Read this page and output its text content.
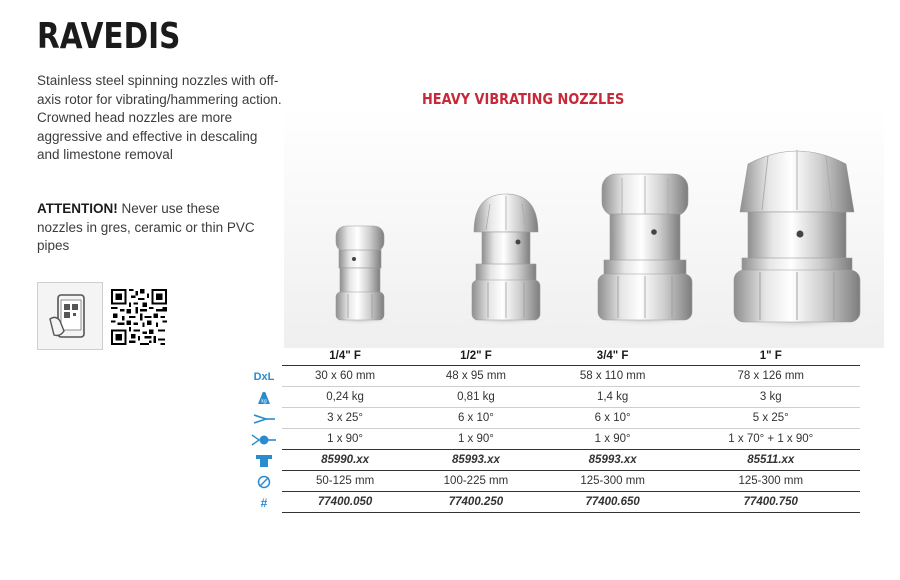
RAVEDIS

Stainless steel spinning nozzles with off-axis rotor for vibrating/hammering action.

Crowned head nozzles are more aggressive and effective in descaling and limestone removal

ATTENTION! Never use these nozzles in gres, ceramic or thin PVC pipes
HEAVY VIBRATING NOZZLES
DxL
kg
#
1/4" F	1/2" F	3/4" F	1" F
30 x 60 mm	48 x 95 mm	58 x 110 mm	78 x 126 mm
0,24 kg	0,81 kg	1,4 kg	3 kg
3 x 25°	6 x 10°	6 x 10°	5 x 25°
1 x 90°	1 x 90°	1 x 90°	1 x 70° + 1 x 90°
85990.xx	85993.xx	85993.xx	85511.xx
50-125 mm	100-225 mm	125-300 mm	125-300 mm
77400.050	77400.250	77400.650	77400.750
